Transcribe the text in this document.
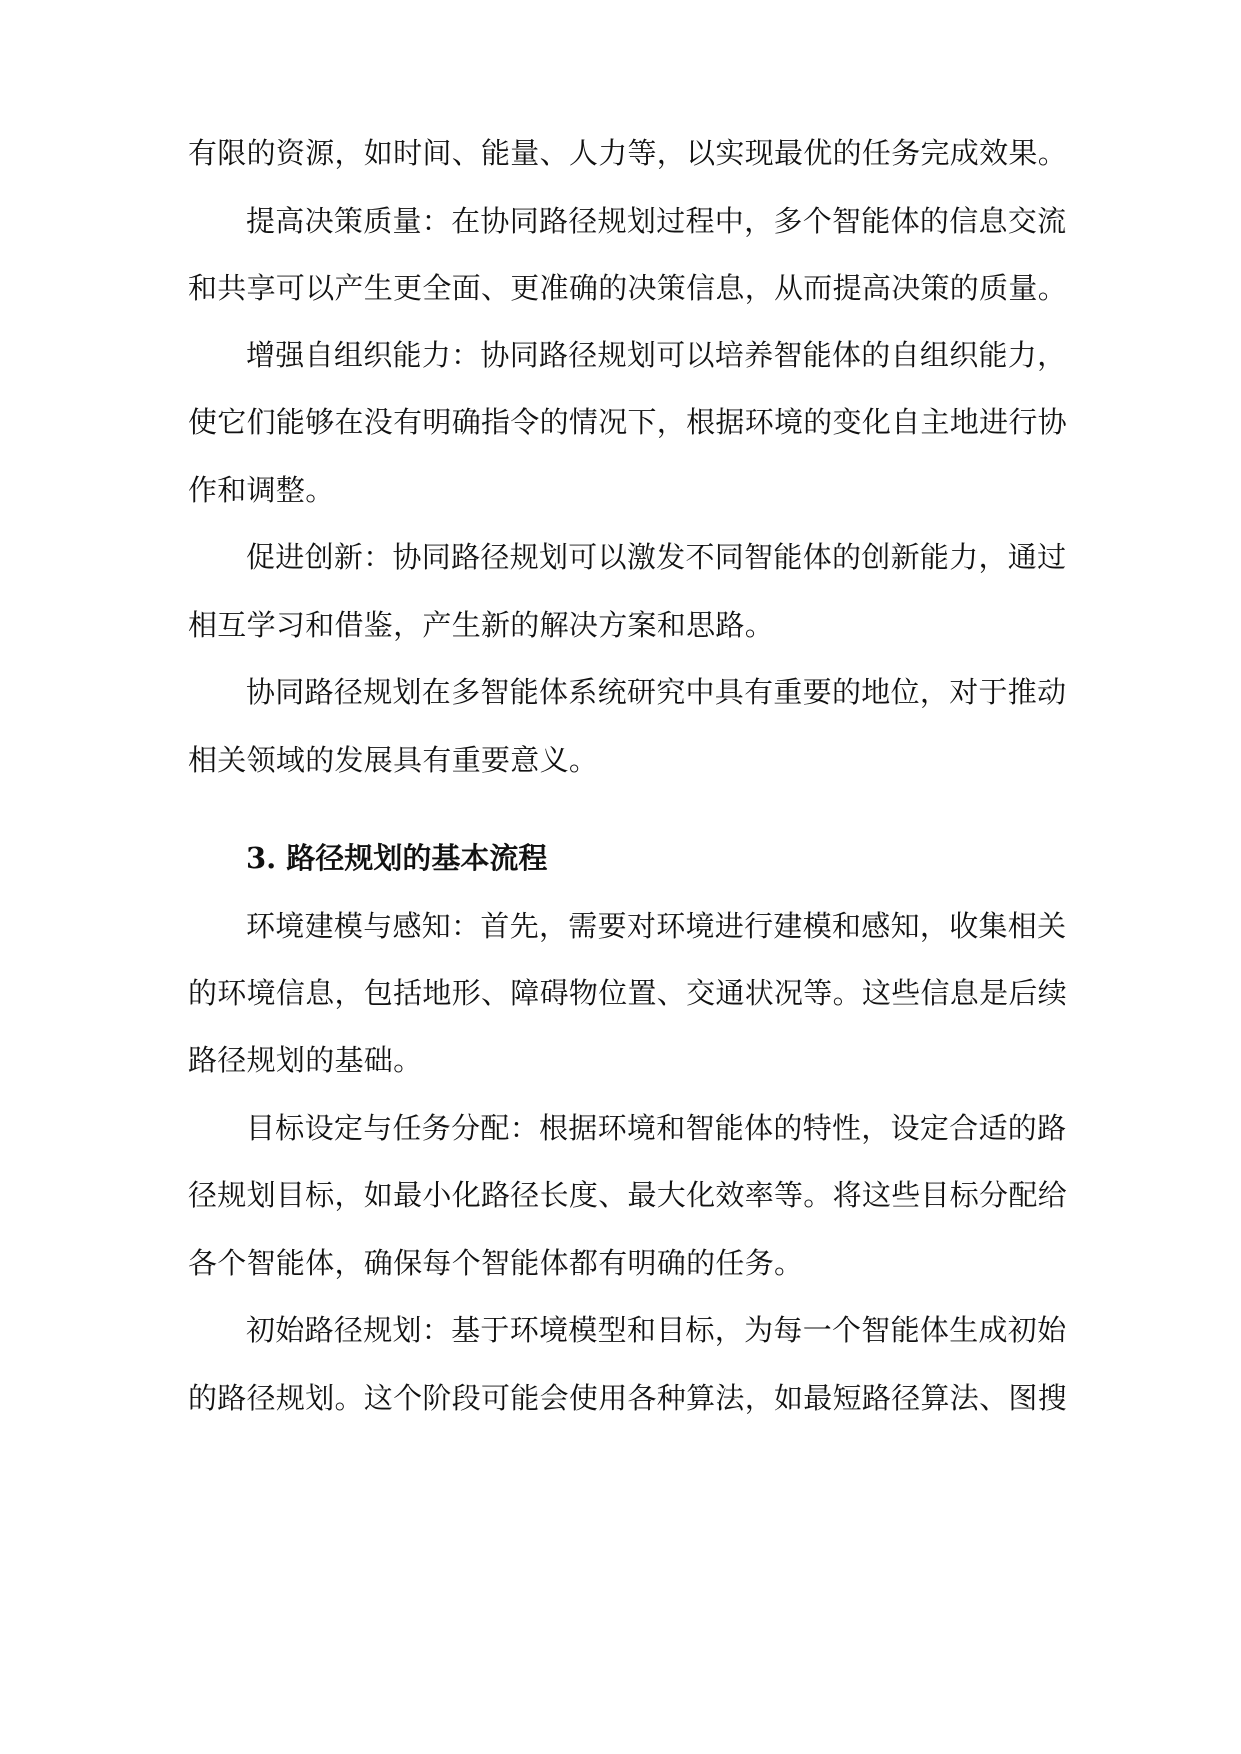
有限的资源，如时间、能量、人力等，以实现最优的任务完成效果。
提高决策质量：在协同路径规划过程中，多个智能体的信息交流
和共享可以产生更全面、更准确的决策信息，从而提高决策的质量。
增强自组织能力：协同路径规划可以培养智能体的自组织能力，
使它们能够在没有明确指令的情况下，根据环境的变化自主地进行协
作和调整。
促进创新：协同路径规划可以激发不同智能体的创新能力，通过
相互学习和借鉴，产生新的解决方案和思路。
协同路径规划在多智能体系统研究中具有重要的地位，对于推动
相关领域的发展具有重要意义。
3. 路径规划的基本流程
环境建模与感知：首先，需要对环境进行建模和感知，收集相关
的环境信息，包括地形、障碍物位置、交通状况等。这些信息是后续
路径规划的基础。
目标设定与任务分配：根据环境和智能体的特性，设定合适的路
径规划目标，如最小化路径长度、最大化效率等。将这些目标分配给
各个智能体，确保每个智能体都有明确的任务。
初始路径规划：基于环境模型和目标，为每一个智能体生成初始
的路径规划。这个阶段可能会使用各种算法，如最短路径算法、图搜
